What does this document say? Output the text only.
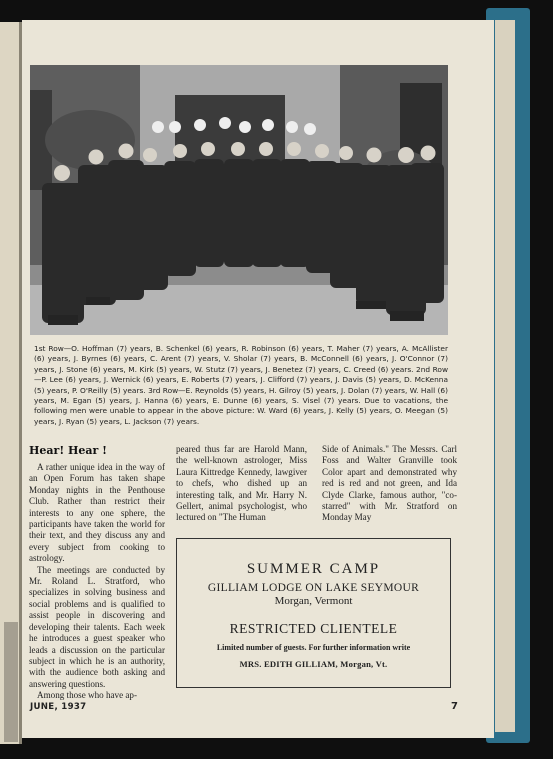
1st Row—O. Hoffman (7) years, B. Schenkel (6) years, R. Robinson (6) years, T. Maher (7) years, A. McAllister (6) years, J. Byrnes (6) years, C. Arent (7) years, V. Sholar (7) years, B. McConnell (6) years, J. O'Connor (7) years, J. Stone (6) years, M. Kirk (5) years, W. Stutz (7) years, J. Benetez (7) years, C. Creed (6) years. 2nd Row—P. Lee (6) years, J. Wernick (6) years, E. Roberts (7) years, J. Clifford (7) years, J. Davis (5) years, D. McKenna (5) years, P. O'Reilly (5) years. 3rd Row—E. Reynolds (5) years, H. Gilroy (5) years, J. Dolan (7) years, W. Hall (6) years, M. Egan (5) years, J. Hanna (6) years, E. Dunne (6) years, S. Visel (7) years. Due to vacations, the following men were unable to appear in the above picture: W. Ward (6) years, J. Kelly (5) years, O. Meegan (5) years, J. Ryan (5) years, L. Jackson (7) years.

Hear! Hear !

A rather unique idea in the way of an Open Forum has taken shape Monday nights in the Penthouse Club. Rather than restrict their interests to any one sphere, the participants have taken the world for their text, and they discuss any and every subject from cooking to astrology.

The meetings are conducted by Mr. Roland L. Stratford, who specializes in solving business and social problems and is qualified to assist people in discovering and developing their talents. Each week he introduces a guest speaker who leads a discussion on the particular subject in which he is an authority, with the audience both asking and answering questions.

Among those who have ap-

peared thus far are Harold Mann, the well-known astrologer, Miss Laura Kittredge Kennedy, lawgiver to chefs, who dished up an interesting talk, and Mr. Harry N. Gellert, animal psychologist, who lectured on "The Human

Side of Animals." The Messrs. Carl Foss and Walter Granville took Color apart and demonstrated why red is red and not green, and Ida Clyde Clarke, famous author, "co-starred" with Mr. Stratford on Monday May

SUMMER CAMP
GILLIAM LODGE ON LAKE SEYMOUR
Morgan, Vermont
RESTRICTED CLIENTELE
Limited number of guests. For further information write
MRS. EDITH GILLIAM, Morgan, Vt.
JUNE, 1937	7
